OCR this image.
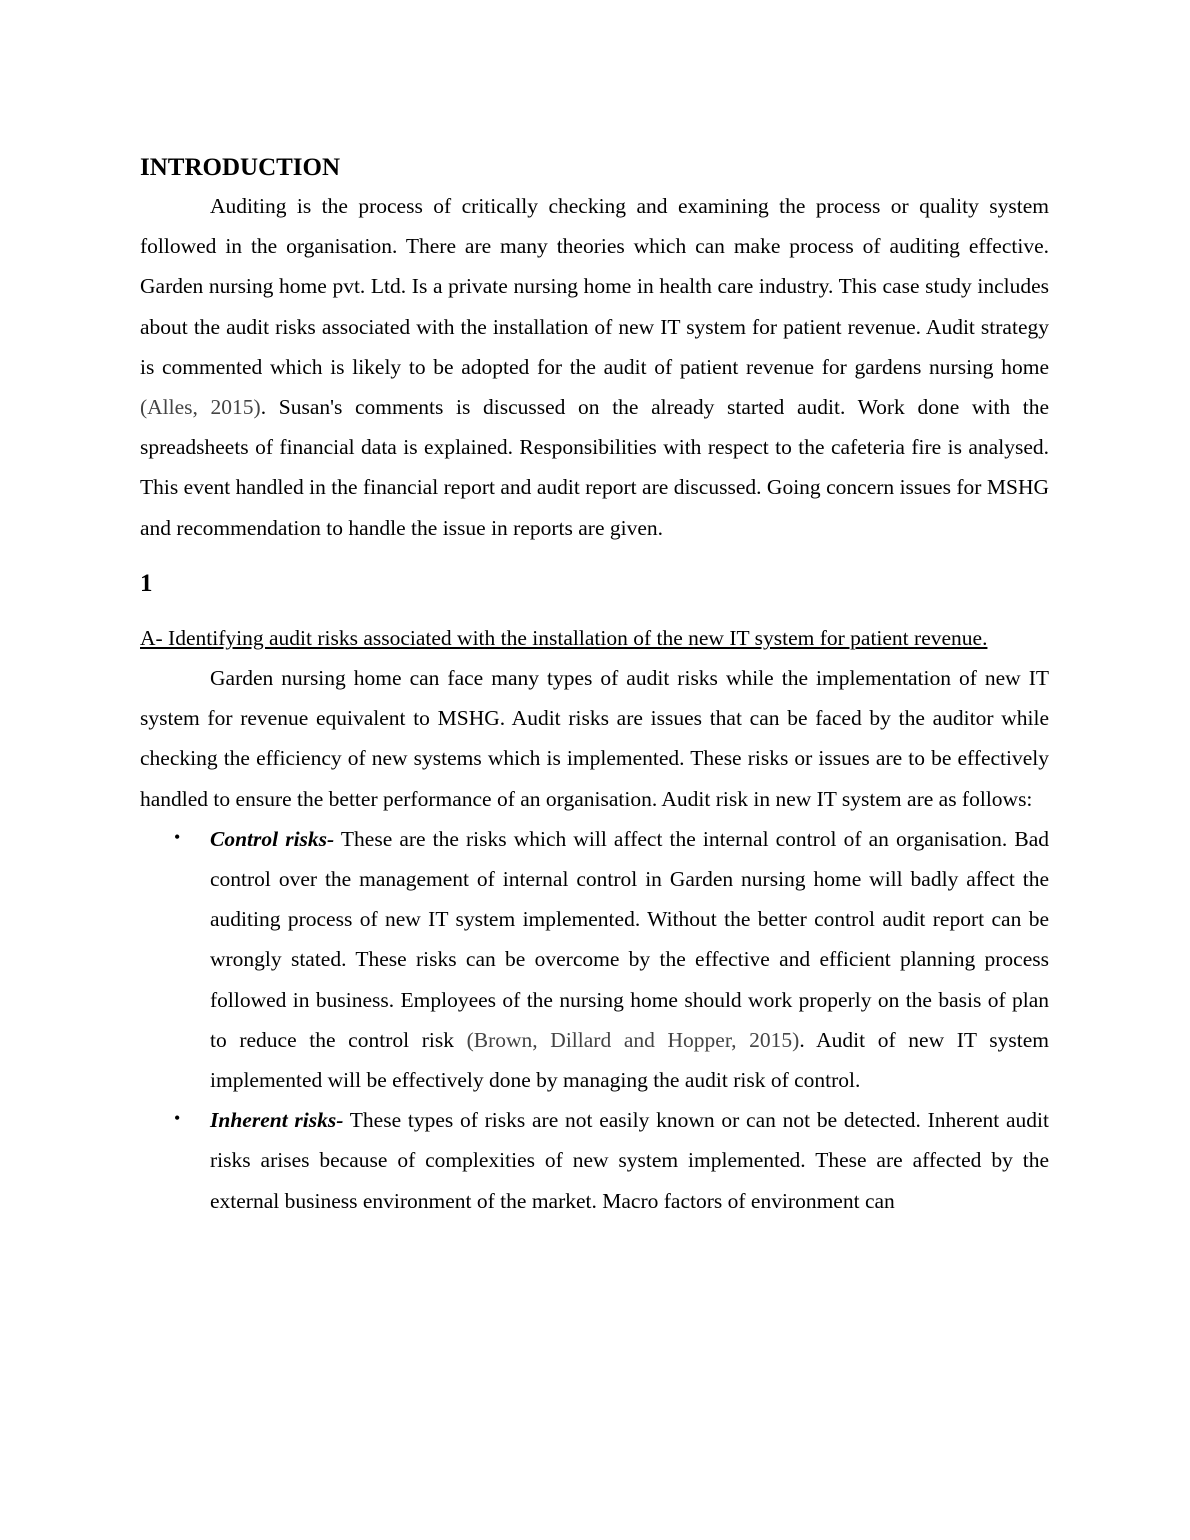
INTRODUCTION

Auditing is the process of critically checking and examining the process or quality system followed in the organisation. There are many theories which can make process of auditing effective. Garden nursing home pvt. Ltd. Is a private nursing home in health care industry. This case study includes about the audit risks associated with the installation of new IT system for patient revenue. Audit strategy is commented which is likely to be adopted for the audit of patient revenue for gardens nursing home (Alles, 2015). Susan's comments is discussed on the already started audit. Work done with the spreadsheets of financial data is explained. Responsibilities with respect to the cafeteria fire is analysed. This event handled in the financial report and audit report are discussed. Going concern issues for MSHG and recommendation to handle the issue in reports are given.

1
A- Identifying audit risks associated with the installation of the new IT system for patient revenue.

Garden nursing home can face many types of audit risks while the implementation of new IT system for revenue equivalent to MSHG. Audit risks are issues that can be faced by the auditor while checking the efficiency of new systems which is implemented. These risks or issues are to be effectively handled to ensure the better performance of an organisation. Audit risk in new IT system are as follows:

•	Control risks- These are the risks which will affect the internal control of an organisation. Bad control over the management of internal control in Garden nursing home will badly affect the auditing process of new IT system implemented. Without the better control audit report can be wrongly stated. These risks can be overcome by the effective and efficient planning process followed in business. Employees of the nursing home should work properly on the basis of plan to reduce the control risk (Brown, Dillard and Hopper, 2015). Audit of new IT system implemented will be effectively done by managing the audit risk of control.
•	Inherent risks- These types of risks are not easily known or can not be detected. Inherent audit risks arises because of complexities of new system implemented. These are affected by the external business environment of the market. Macro factors of environment can
